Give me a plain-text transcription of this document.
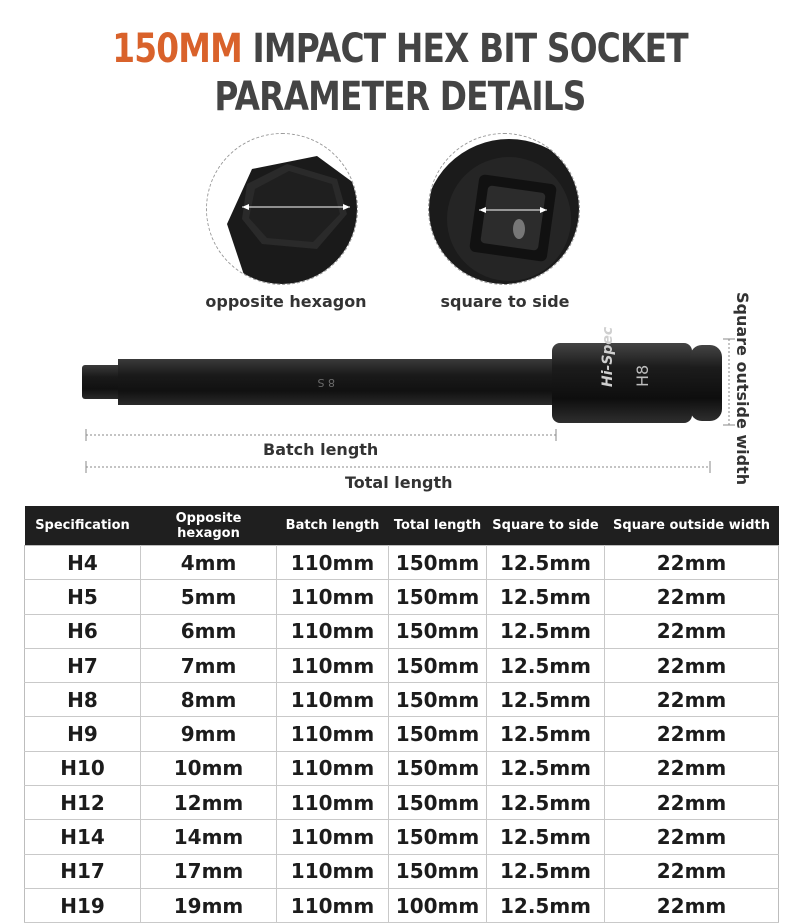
150MM IMPACT HEX BIT SOCKET
PARAMETER DETAILS
opposite hexagon	square to side
Hi-Spec H8
8 S
Batch length
Total length	Square outside width
Specification	Opposite hexagon	Batch length	Total length	Square to side	Square outside width
H4	4mm	110mm	150mm	12.5mm	22mm
H5	5mm	110mm	150mm	12.5mm	22mm
H6	6mm	110mm	150mm	12.5mm	22mm
H7	7mm	110mm	150mm	12.5mm	22mm
H8	8mm	110mm	150mm	12.5mm	22mm
H9	9mm	110mm	150mm	12.5mm	22mm
H10	10mm	110mm	150mm	12.5mm	22mm
H12	12mm	110mm	150mm	12.5mm	22mm
H14	14mm	110mm	150mm	12.5mm	22mm
H17	17mm	110mm	150mm	12.5mm	22mm
H19	19mm	110mm	100mm	12.5mm	22mm
